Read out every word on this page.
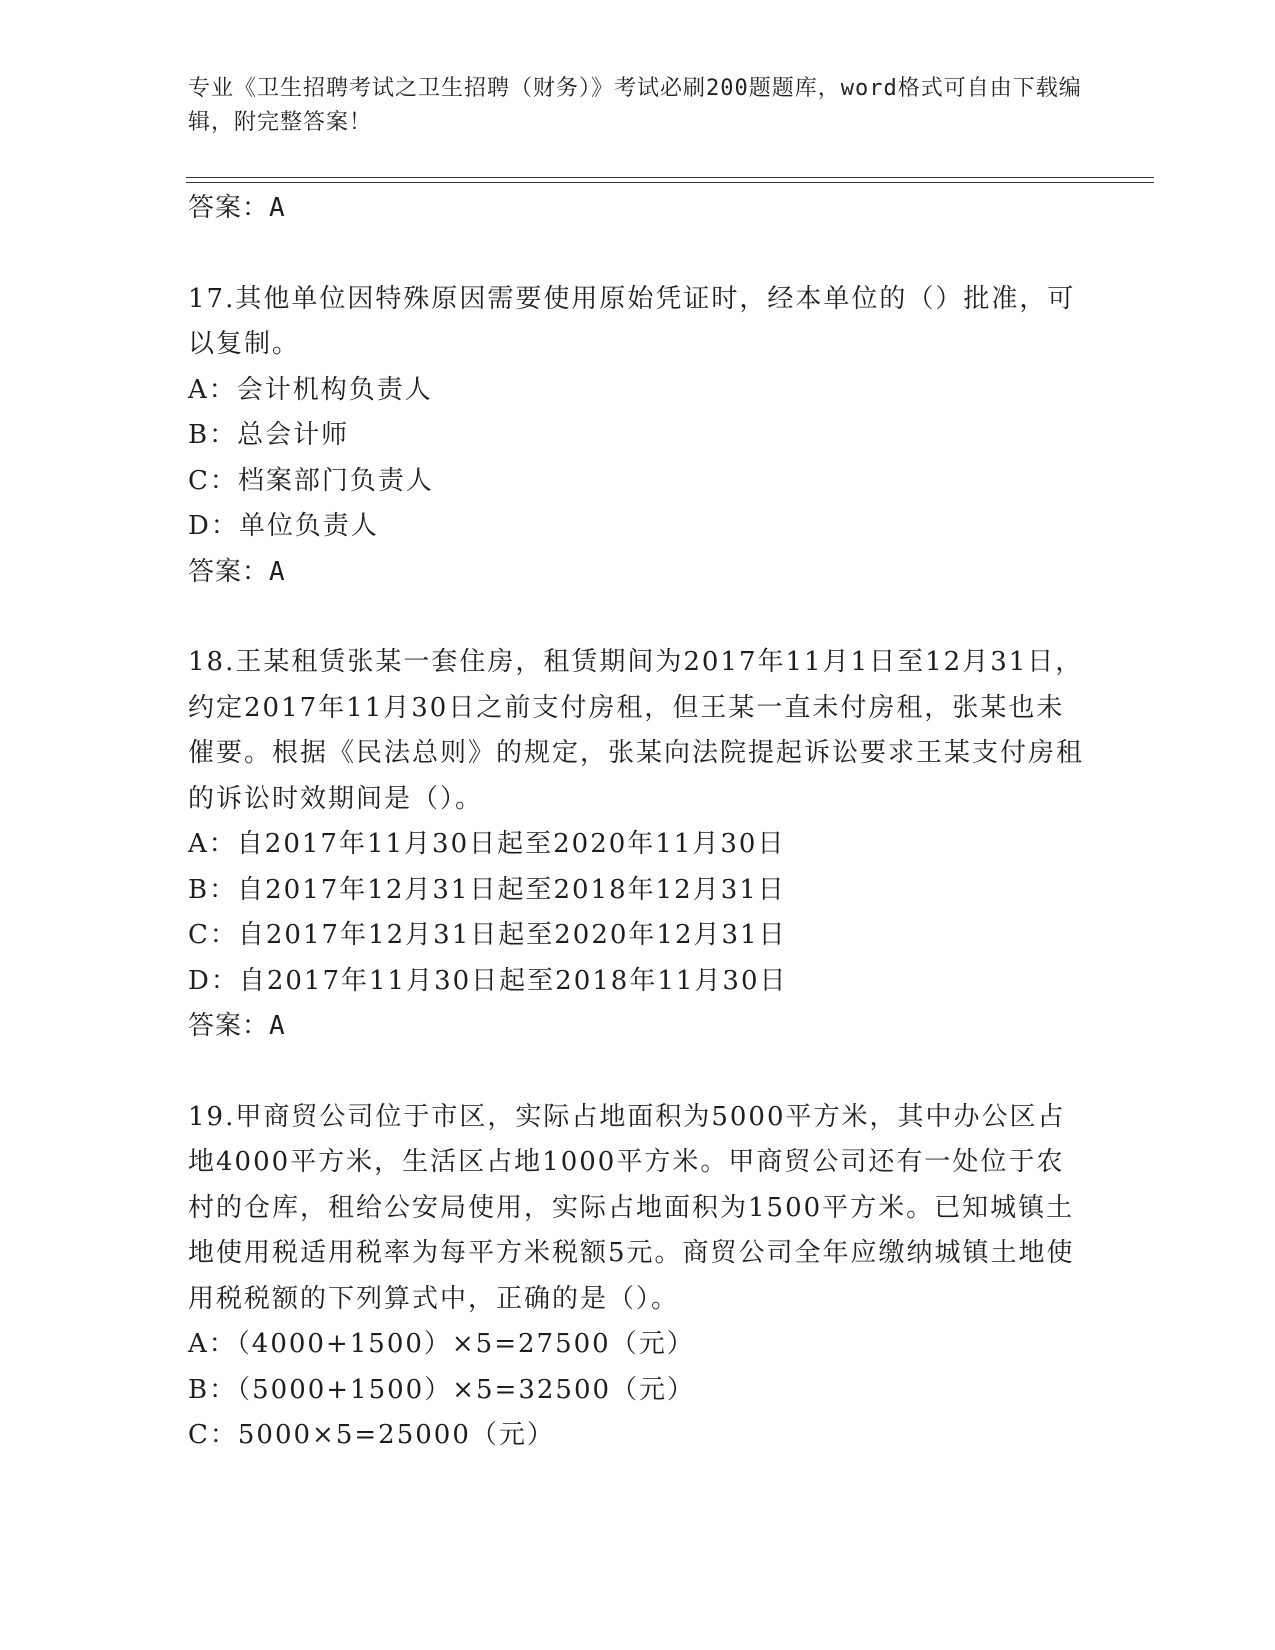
专业《卫生招聘考试之卫生招聘（财务）》考试必刷200题题库，word格式可自由下载编辑，附完整答案！

答案：A

17.其他单位因特殊原因需要使用原始凭证时，经本单位的（）批准，可以复制。

A：会计机构负责人

B：总会计师

C：档案部门负责人

D：单位负责人

答案：A

18.王某租赁张某一套住房，租赁期间为2017年11月1日至12月31日，约定2017年11月30日之前支付房租，但王某一直未付房租，张某也未催要。根据《民法总则》的规定，张某向法院提起诉讼要求王某支付房租的诉讼时效期间是（）。

A：自2017年11月30日起至2020年11月30日

B：自2017年12月31日起至2018年12月31日

C：自2017年12月31日起至2020年12月31日

D：自2017年11月30日起至2018年11月30日

答案：A

19.甲商贸公司位于市区，实际占地面积为5000平方米，其中办公区占地4000平方米，生活区占地1000平方米。甲商贸公司还有一处位于农村的仓库，租给公安局使用，实际占地面积为1500平方米。已知城镇土地使用税适用税率为每平方米税额5元。商贸公司全年应缴纳城镇土地使用税税额的下列算式中，正确的是（）。

A：（4000+1500）×5=27500（元）

B：（5000+1500）×5=32500（元）

C：5000×5=25000（元）
